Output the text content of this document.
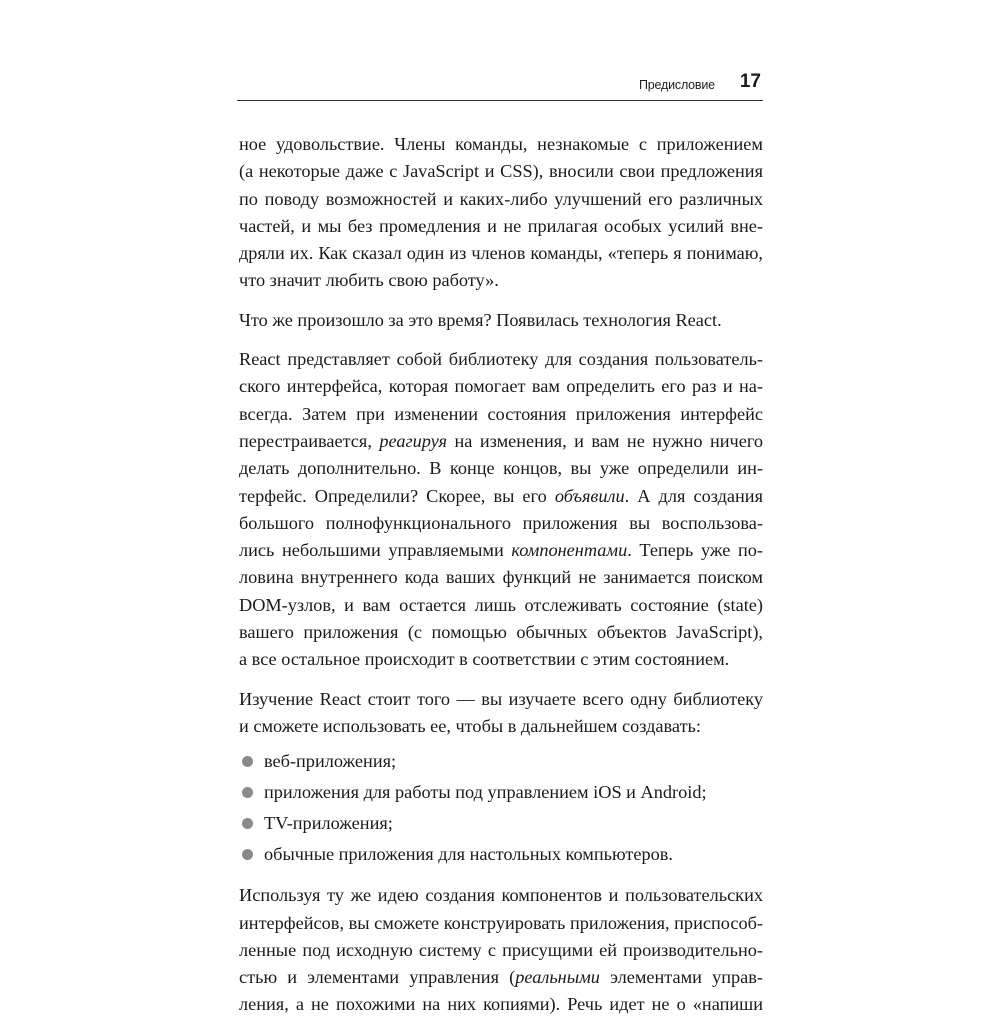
Предисловие 17
ное удовольствие. Члены команды, незнакомые с приложением
(а некоторые даже с JavaScript и CSS), вносили свои предложения
по поводу возможностей и каких-либо улучшений его различных
частей, и мы без промедления и не прилагая особых усилий вне-
дряли их. Как сказал один из членов команды, «теперь я понимаю,
что значит любить свою работу».
Что же произошло за это время? Появилась технология React.
React представляет собой библиотеку для создания пользователь-
ского интерфейса, которая помогает вам определить его раз и на-
всегда. Затем при изменении состояния приложения интерфейс
перестраивается, реагируя на изменения, и вам не нужно ничего
делать дополнительно. В конце концов, вы уже определили ин-
терфейс. Определили? Скорее, вы его объявили. А для создания
большого полнофункционального приложения вы воспользова-
лись небольшими управляемыми компонентами. Теперь уже по-
ловина внутреннего кода ваших функций не занимается поиском
DOM-узлов, и вам остается лишь отслеживать состояние (state)
вашего приложения (с помощью обычных объектов JavaScript),
а все остальное происходит в соответствии с этим состоянием.
Изучение React стоит того — вы изучаете всего одну библиотеку
и сможете использовать ее, чтобы в дальнейшем создавать:
веб-приложения;
приложения для работы под управлением iOS и Android;
TV-приложения;
обычные приложения для настольных компьютеров.
Используя ту же идею создания компонентов и пользовательских
интерфейсов, вы сможете конструировать приложения, приспособ-
ленные под исходную систему с присущими ей производительно-
стью и элементами управления (реальными элементами управ-
ления, а не похожими на них копиями). Речь идет не о «напиши
